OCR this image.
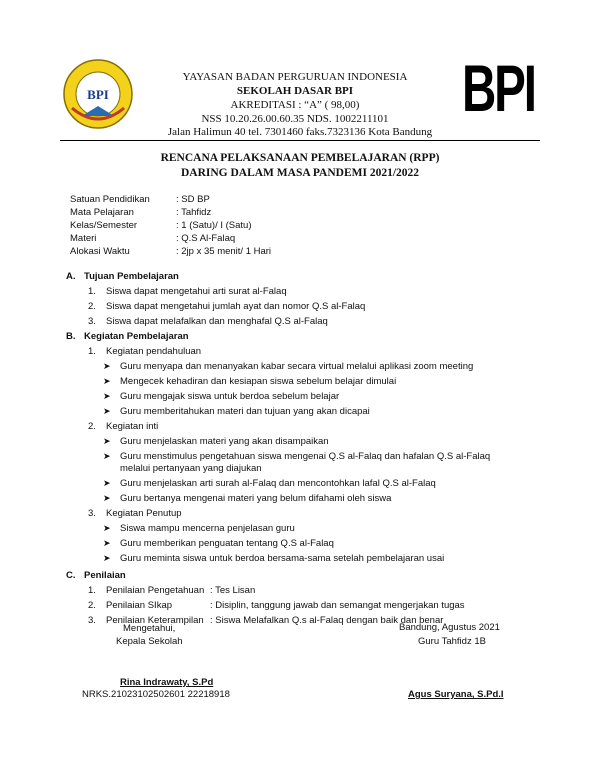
BPI	BPI
YAYASAN BADAN PERGURUAN INDONESIA
SEKOLAH DASAR BPI
AKREDITASI : “A” ( 98,00)
NSS 10.20.26.00.60.35 NDS. 1002211101
Jalan Halimun 40 tel. 7301460 faks.7323136 Kota Bandung
RENCANA PELAKSANAAN PEMBELAJARAN (RPP)
DARING DALAM MASA PANDEMI 2021/2022
Satuan Pendidikan	: SD BP
Mata Pelajaran	: Tahfidz
Kelas/Semester	: 1 (Satu)/ I (Satu)
Materi	: Q.S Al-Falaq
Alokasi Waktu	: 2jp x 35 menit/ 1 Hari
A. Tujuan Pembelajaran
1. Siswa dapat mengetahui arti surat al-Falaq
2. Siswa dapat mengetahui jumlah ayat dan nomor Q.S al-Falaq
3. Siswa dapat melafalkan dan menghafal Q.S al-Falaq
B. Kegiatan Pembelajaran
1. Kegiatan pendahuluan
➤ Guru menyapa dan menanyakan kabar secara virtual melalui aplikasi zoom meeting
➤ Mengecek kehadiran dan kesiapan siswa sebelum belajar dimulai
➤ Guru mengajak siswa untuk berdoa sebelum belajar
➤ Guru memberitahukan materi dan tujuan yang akan dicapai
2. Kegiatan inti
➤ Guru menjelaskan materi yang akan disampaikan
➤ Guru menstimulus pengetahuan siswa mengenai Q.S al-Falaq dan hafalan Q.S al-Falaq
melalui pertanyaan yang diajukan
➤ Guru menjelaskan arti surah al-Falaq dan mencontohkan lafal Q.S al-Falaq
➤ Guru bertanya mengenai materi yang belum difahami oleh siswa
3. Kegiatan Penutup
➤ Siswa mampu mencerna penjelasan guru
➤ Guru memberikan penguatan tentang Q.S al-Falaq
➤ Guru meminta siswa untuk berdoa bersama-sama setelah pembelajaran usai
C. Penilaian
1. Penilaian Pengetahuan : Tes Lisan
2. Penilaian SIkap	: Disiplin, tanggung jawab dan semangat mengerjakan tugas
3. Penilaian Keterampilan : Siswa Melafalkan Q.s al-Falaq dengan baik dan benar
Mengetahui,
Kepala Sekolah
Bandung, Agustus 2021
Guru Tahfidz 1B
Rina Indrawaty, S.Pd
NRKS.21023102502601 22218918	Agus Suryana, S.Pd.I
